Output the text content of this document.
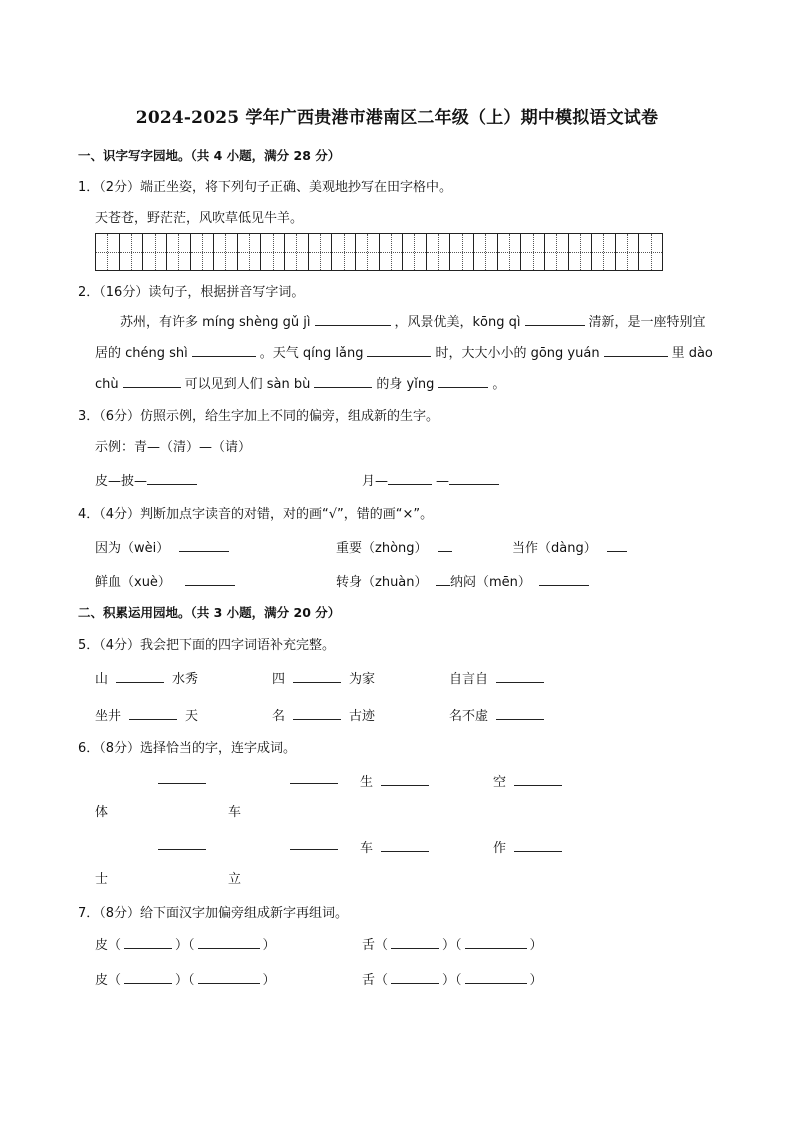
2024-2025 学年广西贵港市港南区二年级（上）期中模拟语文试卷
一、识字写字园地。（共 4 小题，满分 28 分）
1．（2分）端正坐姿，将下列句子正确、美观地抄写在田字格中。
天苍苍，野茫茫，风吹草低见牛羊。
2．（16分）读句子，根据拼音写字词。
苏州，有许多 míng shèng gǔ jì	，风景优美，kōng qì	清新，是一座特别宜
居的 chéng shì	。天气 qíng lǎng	时，大大小小的 gōng yuán	里 dào
chù	可以见到人们 sàn bù	的身 yǐng	。
3．（6分）仿照示例，给生字加上不同的偏旁，组成新的生字。
示例：青—（清）—（请）
皮—披—	月—	—
4．（4分）判断加点字读音的对错，对的画“√”，错的画“×”。
因为（wèi）	重要（zhòng）	当作（dàng）
鲜血（xuè）	转身（zhuàn）	纳闷（mēn）
二、积累运用园地。（共 3 小题，满分 20 分）
5．（4分）我会把下面的四字词语补充完整。
山	水秀	四	为家	自言自
坐井	天	名	古迹	名不虚
6．（8分）选择恰当的字，连字成词。
生	空
体	车
车	作
士	立
7．（8分）给下面汉字加偏旁组成新字再组词。
皮（	）（	）	舌（	）（	）
皮（	）（	）	舌（	）（	）
